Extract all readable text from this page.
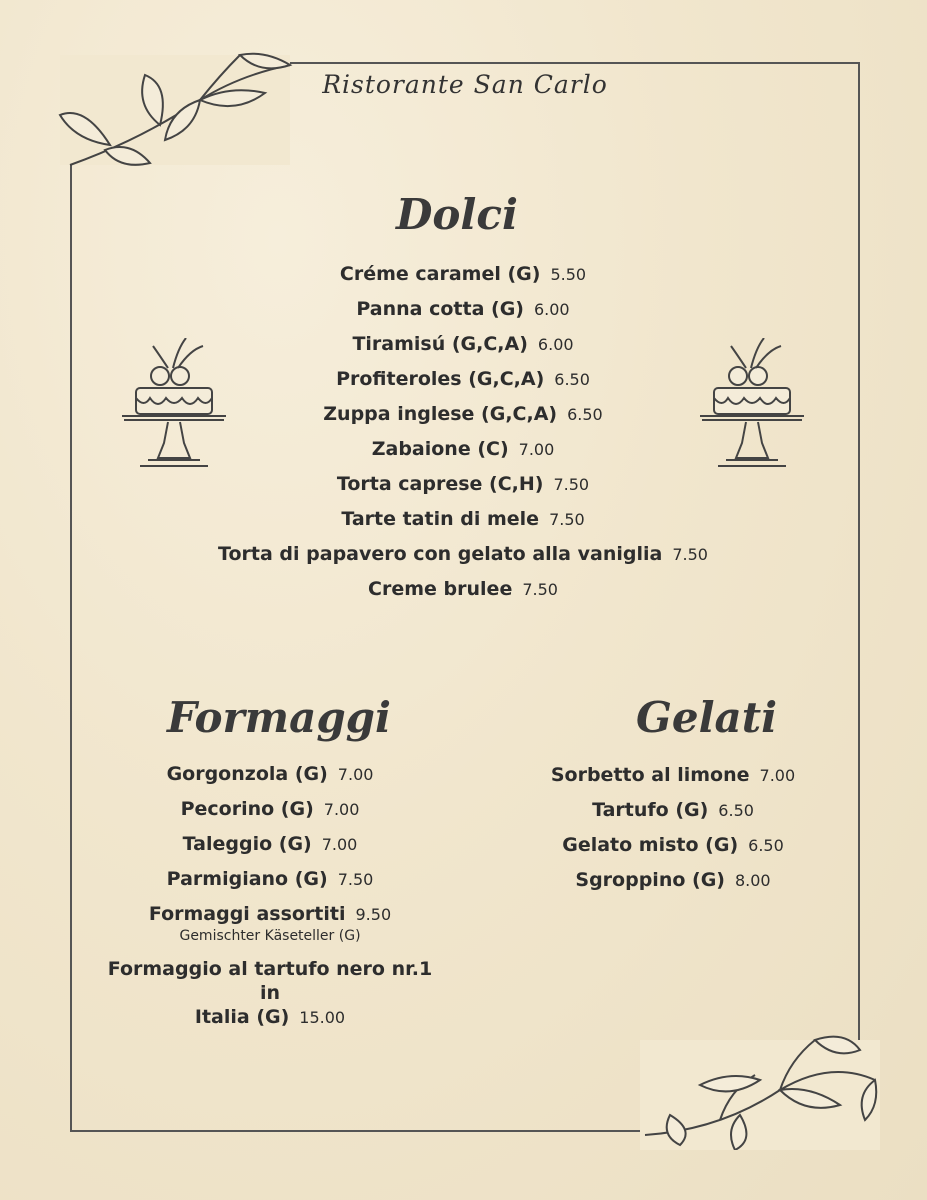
Ristorante San Carlo
Dolci
Créme caramel (G) 5.50
Panna cotta (G) 6.00
Tiramisú (G,C,A) 6.00
Profiteroles (G,C,A) 6.50
Zuppa inglese (G,C,A) 6.50
Zabaione (C) 7.00
Torta caprese (C,H) 7.50
Tarte tatin di mele 7.50
Torta di papavero con gelato alla vaniglia 7.50
Creme brulee 7.50
Formaggi
Gorgonzola (G) 7.00
Pecorino (G) 7.00
Taleggio (G) 7.00
Parmigiano (G) 7.50
Formaggi assortiti 9.50
Gemischter Käseteller (G)
Formaggio al tartufo nero nr.1 in
Italia (G) 15.00
Gelati
Sorbetto al limone 7.00
Tartufo (G) 6.50
Gelato misto (G) 6.50
Sgroppino (G) 8.00
